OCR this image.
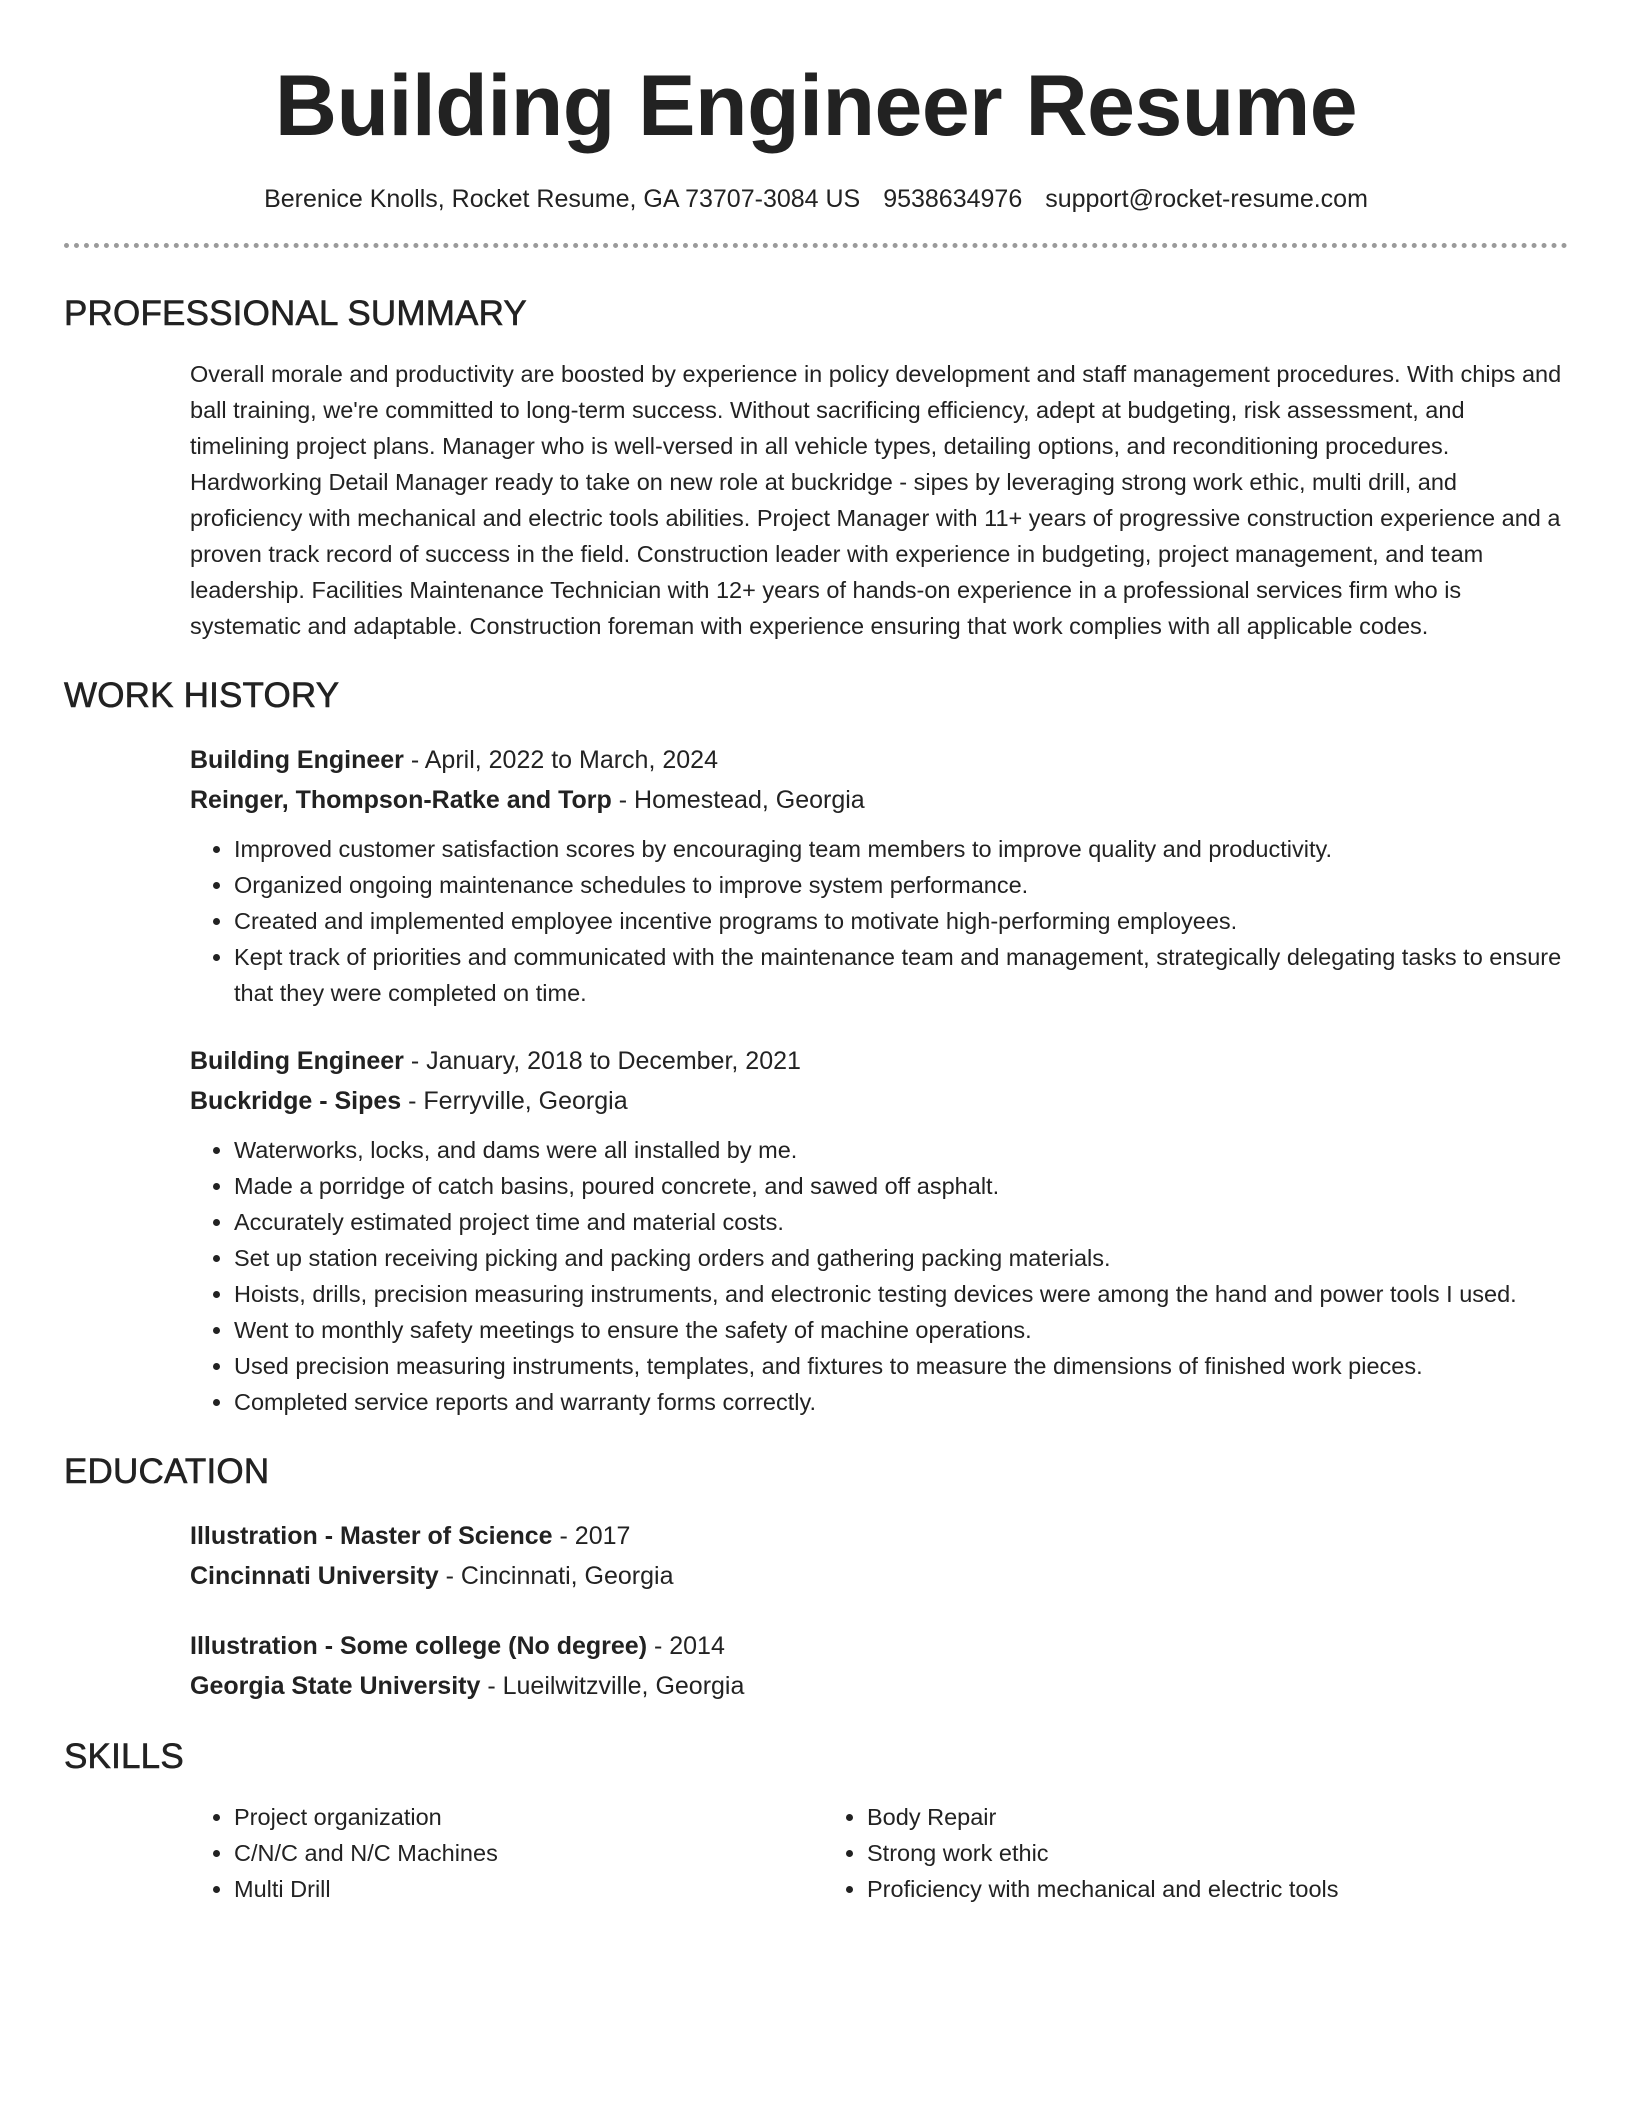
Building Engineer Resume
Berenice Knolls, Rocket Resume, GA 73707-3084 US 9538634976 support@rocket-resume.com
PROFESSIONAL SUMMARY

Overall morale and productivity are boosted by experience in policy development and staff management procedures. With chips and ball training, we're committed to long-term success. Without sacrificing efficiency, adept at budgeting, risk assessment, and timelining project plans. Manager who is well-versed in all vehicle types, detailing options, and reconditioning procedures. Hardworking Detail Manager ready to take on new role at buckridge - sipes by leveraging strong work ethic, multi drill, and proficiency with mechanical and electric tools abilities. Project Manager with 11+ years of progressive construction experience and a proven track record of success in the field. Construction leader with experience in budgeting, project management, and team leadership. Facilities Maintenance Technician with 12+ years of hands-on experience in a professional services firm who is systematic and adaptable. Construction foreman with experience ensuring that work complies with all applicable codes.

WORK HISTORY
Building Engineer - April, 2022 to March, 2024
Reinger, Thompson-Ratke and Torp - Homestead, Georgia
• Improved customer satisfaction scores by encouraging team members to improve quality and productivity.
• Organized ongoing maintenance schedules to improve system performance.
• Created and implemented employee incentive programs to motivate high-performing employees.
• Kept track of priorities and communicated with the maintenance team and management, strategically delegating tasks to ensure that they were completed on time.
Building Engineer - January, 2018 to December, 2021
Buckridge - Sipes - Ferryville, Georgia
• Waterworks, locks, and dams were all installed by me.
• Made a porridge of catch basins, poured concrete, and sawed off asphalt.
• Accurately estimated project time and material costs.
• Set up station receiving picking and packing orders and gathering packing materials.
• Hoists, drills, precision measuring instruments, and electronic testing devices were among the hand and power tools I used.
• Went to monthly safety meetings to ensure the safety of machine operations.
• Used precision measuring instruments, templates, and fixtures to measure the dimensions of finished work pieces.
• Completed service reports and warranty forms correctly.
EDUCATION
Illustration - Master of Science - 2017
Cincinnati University - Cincinnati, Georgia
Illustration - Some college (No degree) - 2014
Georgia State University - Lueilwitzville, Georgia
SKILLS
• Project organization
• C/N/C and N/C Machines
• Multi Drill
• Body Repair
• Strong work ethic
• Proficiency with mechanical and electric tools
